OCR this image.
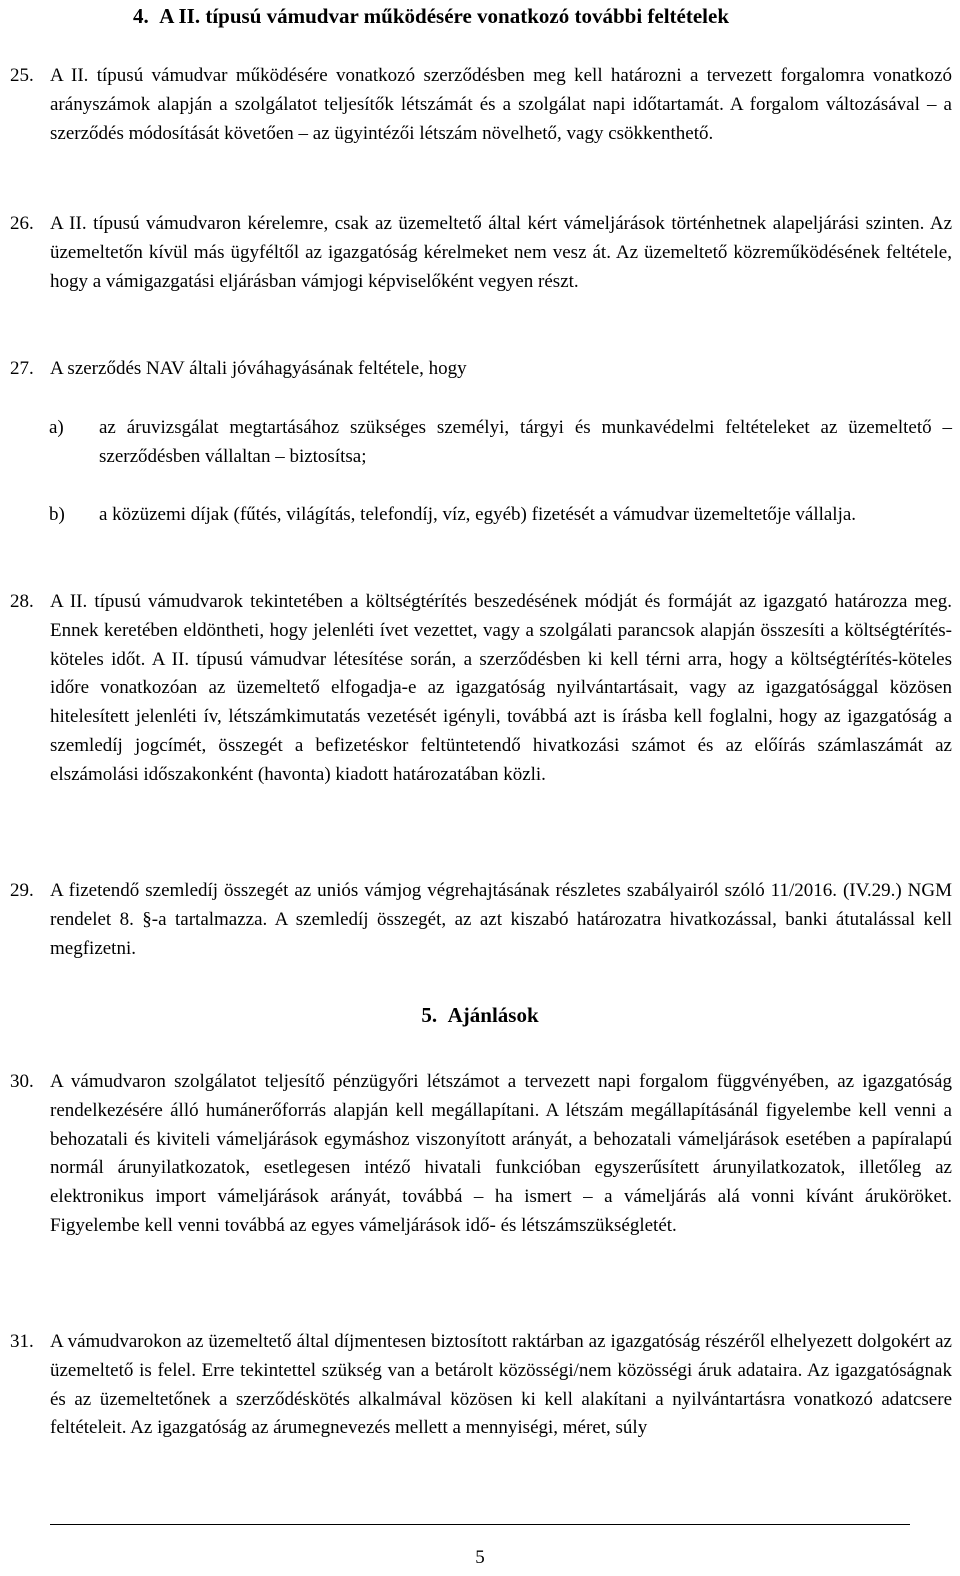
4. A II. típusú vámudvar működésére vonatkozó további feltételek
25. A II. típusú vámudvar működésére vonatkozó szerződésben meg kell határozni a tervezett forgalomra vonatkozó arányszámok alapján a szolgálatot teljesítők létszámát és a szolgálat napi időtartamát. A forgalom változásával – a szerződés módosítását követően – az ügyintézői létszám növelhető, vagy csökkenthető.
26. A II. típusú vámudvaron kérelemre, csak az üzemeltető által kért vámeljárások történhetnek alapeljárási szinten. Az üzemeltetőn kívül más ügyféltől az igazgatóság kérelmeket nem vesz át. Az üzemeltető közreműködésének feltétele, hogy a vámigazgatási eljárásban vámjogi képviselőként vegyen részt.
27. A szerződés NAV általi jóváhagyásának feltétele, hogy
a) az áruvizsgálat megtartásához szükséges személyi, tárgyi és munkavédelmi feltételeket az üzemeltető – szerződésben vállaltan – biztosítsa;
b) a közüzemi díjak (fűtés, világítás, telefondíj, víz, egyéb) fizetését a vámudvar üzemeltetője vállalja.
28. A II. típusú vámudvarok tekintetében a költségtérítés beszedésének módját és formáját az igazgató határozza meg. Ennek keretében eldöntheti, hogy jelenléti ívet vezettet, vagy a szolgálati parancsok alapján összesíti a költségtérítés-köteles időt. A II. típusú vámudvar létesítése során, a szerződésben ki kell térni arra, hogy a költségtérítés-köteles időre vonatkozóan az üzemeltető elfogadja-e az igazgatóság nyilvántartásait, vagy az igazgatósággal közösen hitelesített jelenléti ív, létszámkimutatás vezetését igényli, továbbá azt is írásba kell foglalni, hogy az igazgatóság a szemledíj jogcímét, összegét a befizetéskor feltüntetendő hivatkozási számot és az előírás számlaszámát az elszámolási időszakonként (havonta) kiadott határozatában közli.
29. A fizetendő szemledíj összegét az uniós vámjog végrehajtásának részletes szabályairól szóló 11/2016. (IV.29.) NGM rendelet 8. §-a tartalmazza. A szemledíj összegét, az azt kiszabó határozatra hivatkozással, banki átutalással kell megfizetni.
5. Ajánlások
30. A vámudvaron szolgálatot teljesítő pénzügyőri létszámot a tervezett napi forgalom függvényében, az igazgatóság rendelkezésére álló humánerőforrás alapján kell megállapítani. A létszám megállapításánál figyelembe kell venni a behozatali és kiviteli vámeljárások egymáshoz viszonyított arányát, a behozatali vámeljárások esetében a papíralapú normál árunyilatkozatok, esetlegesen intéző hivatali funkcióban egyszerűsített árunyilatkozatok, illetőleg az elektronikus import vámeljárások arányát, továbbá – ha ismert – a vámeljárás alá vonni kívánt áruköröket. Figyelembe kell venni továbbá az egyes vámeljárások idő- és létszámszükségletét.
31. A vámudvarokon az üzemeltető által díjmentesen biztosított raktárban az igazgatóság részéről elhelyezett dolgokért az üzemeltető is felel. Erre tekintettel szükség van a betárolt közösségi/nem közösségi áruk adataira. Az igazgatóságnak és az üzemeltetőnek a szerződéskötés alkalmával közösen ki kell alakítani a nyilvántartásra vonatkozó adatcsere feltételeit. Az igazgatóság az árumegnevezés mellett a mennyiségi, méret, súly
5
